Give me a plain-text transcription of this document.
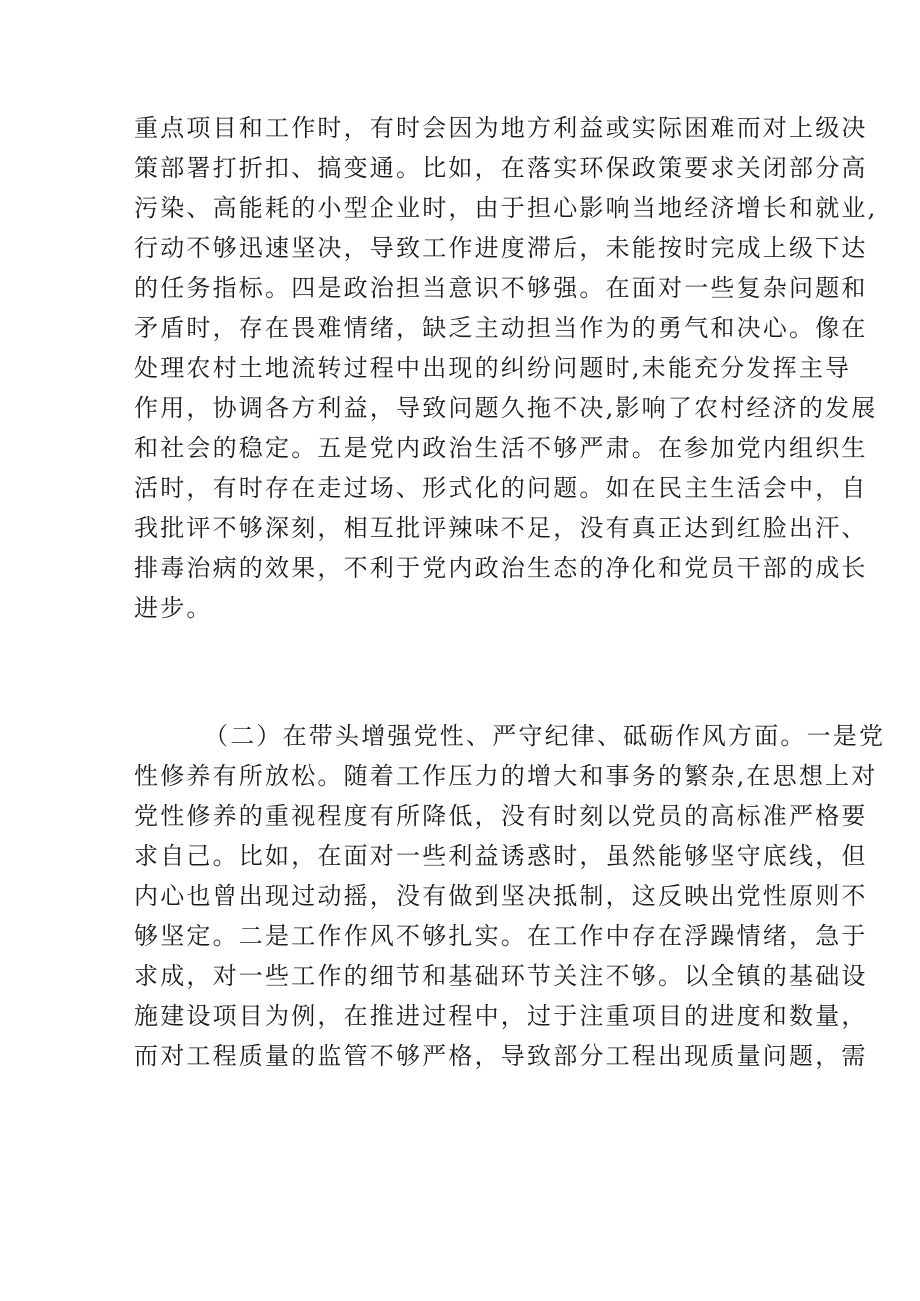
重点项目和工作时，有时会因为地方利益或实际困难而对上级决
策部署打折扣、搞变通。比如，在落实环保政策要求关闭部分高
污染、高能耗的小型企业时，由于担心影响当地经济增长和就业,
行动不够迅速坚决，导致工作进度滞后，未能按时完成上级下达
的任务指标。四是政治担当意识不够强。在面对一些复杂问题和
矛盾时，存在畏难情绪，缺乏主动担当作为的勇气和决心。像在
处理农村土地流转过程中出现的纠纷问题时,未能充分发挥主导
作用，协调各方利益，导致问题久拖不决,影响了农村经济的发展
和社会的稳定。五是党内政治生活不够严肃。在参加党内组织生
活时，有时存在走过场、形式化的问题。如在民主生活会中，自
我批评不够深刻，相互批评辣味不足，没有真正达到红脸出汗、
排毒治病的效果，不利于党内政治生态的净化和党员干部的成长
进步。
（二）在带头增强党性、严守纪律、砥砺作风方面。一是党
性修养有所放松。随着工作压力的增大和事务的繁杂,在思想上对
党性修养的重视程度有所降低，没有时刻以党员的高标准严格要
求自己。比如，在面对一些利益诱惑时，虽然能够坚守底线，但
内心也曾出现过动摇，没有做到坚决抵制，这反映出党性原则不
够坚定。二是工作作风不够扎实。在工作中存在浮躁情绪，急于
求成，对一些工作的细节和基础环节关注不够。以全镇的基础设
施建设项目为例，在推进过程中，过于注重项目的进度和数量，
而对工程质量的监管不够严格，导致部分工程出现质量问题，需
